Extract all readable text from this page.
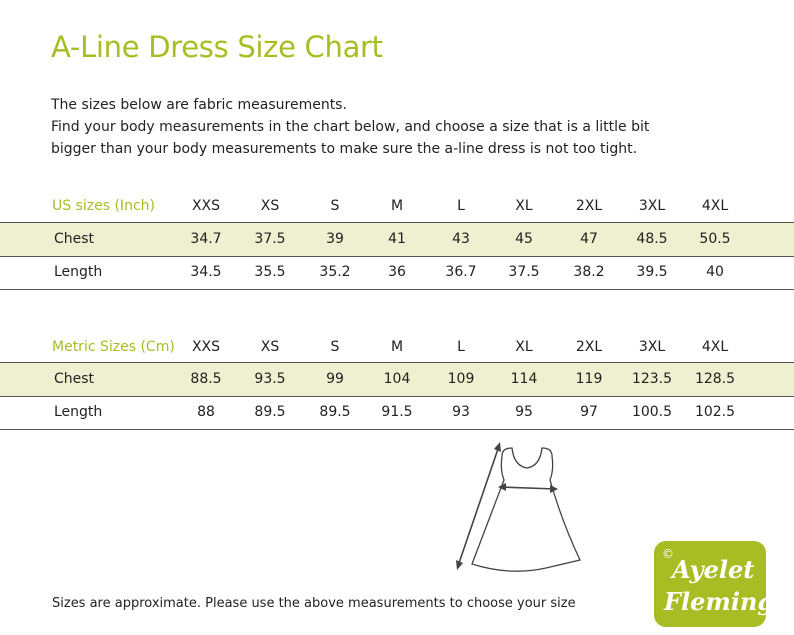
A-Line Dress Size Chart
The sizes below are fabric measurements.
Find your body measurements in the chart below, and choose a size that is a little bit
bigger than your body measurements to make sure the a-line dress is not too tight.
US sizes (Inch)	XXS	XS	S	M	L	XL	2XL	3XL	4XL
Chest	34.7	37.5	39	41	43	45	47	48.5	50.5
Length	34.5	35.5	35.2	36	36.7	37.5	38.2	39.5	40
Metric Sizes (Cm)	XXS	XS	S	M	L	XL	2XL	3XL	4XL
Chest	88.5	93.5	99	104	109	114	119	123.5	128.5
Length	88	89.5	89.5	91.5	93	95	97	100.5	102.5
Sizes are approximate. Please use the above measurements to choose your size
©
Ayelet
Fleming
